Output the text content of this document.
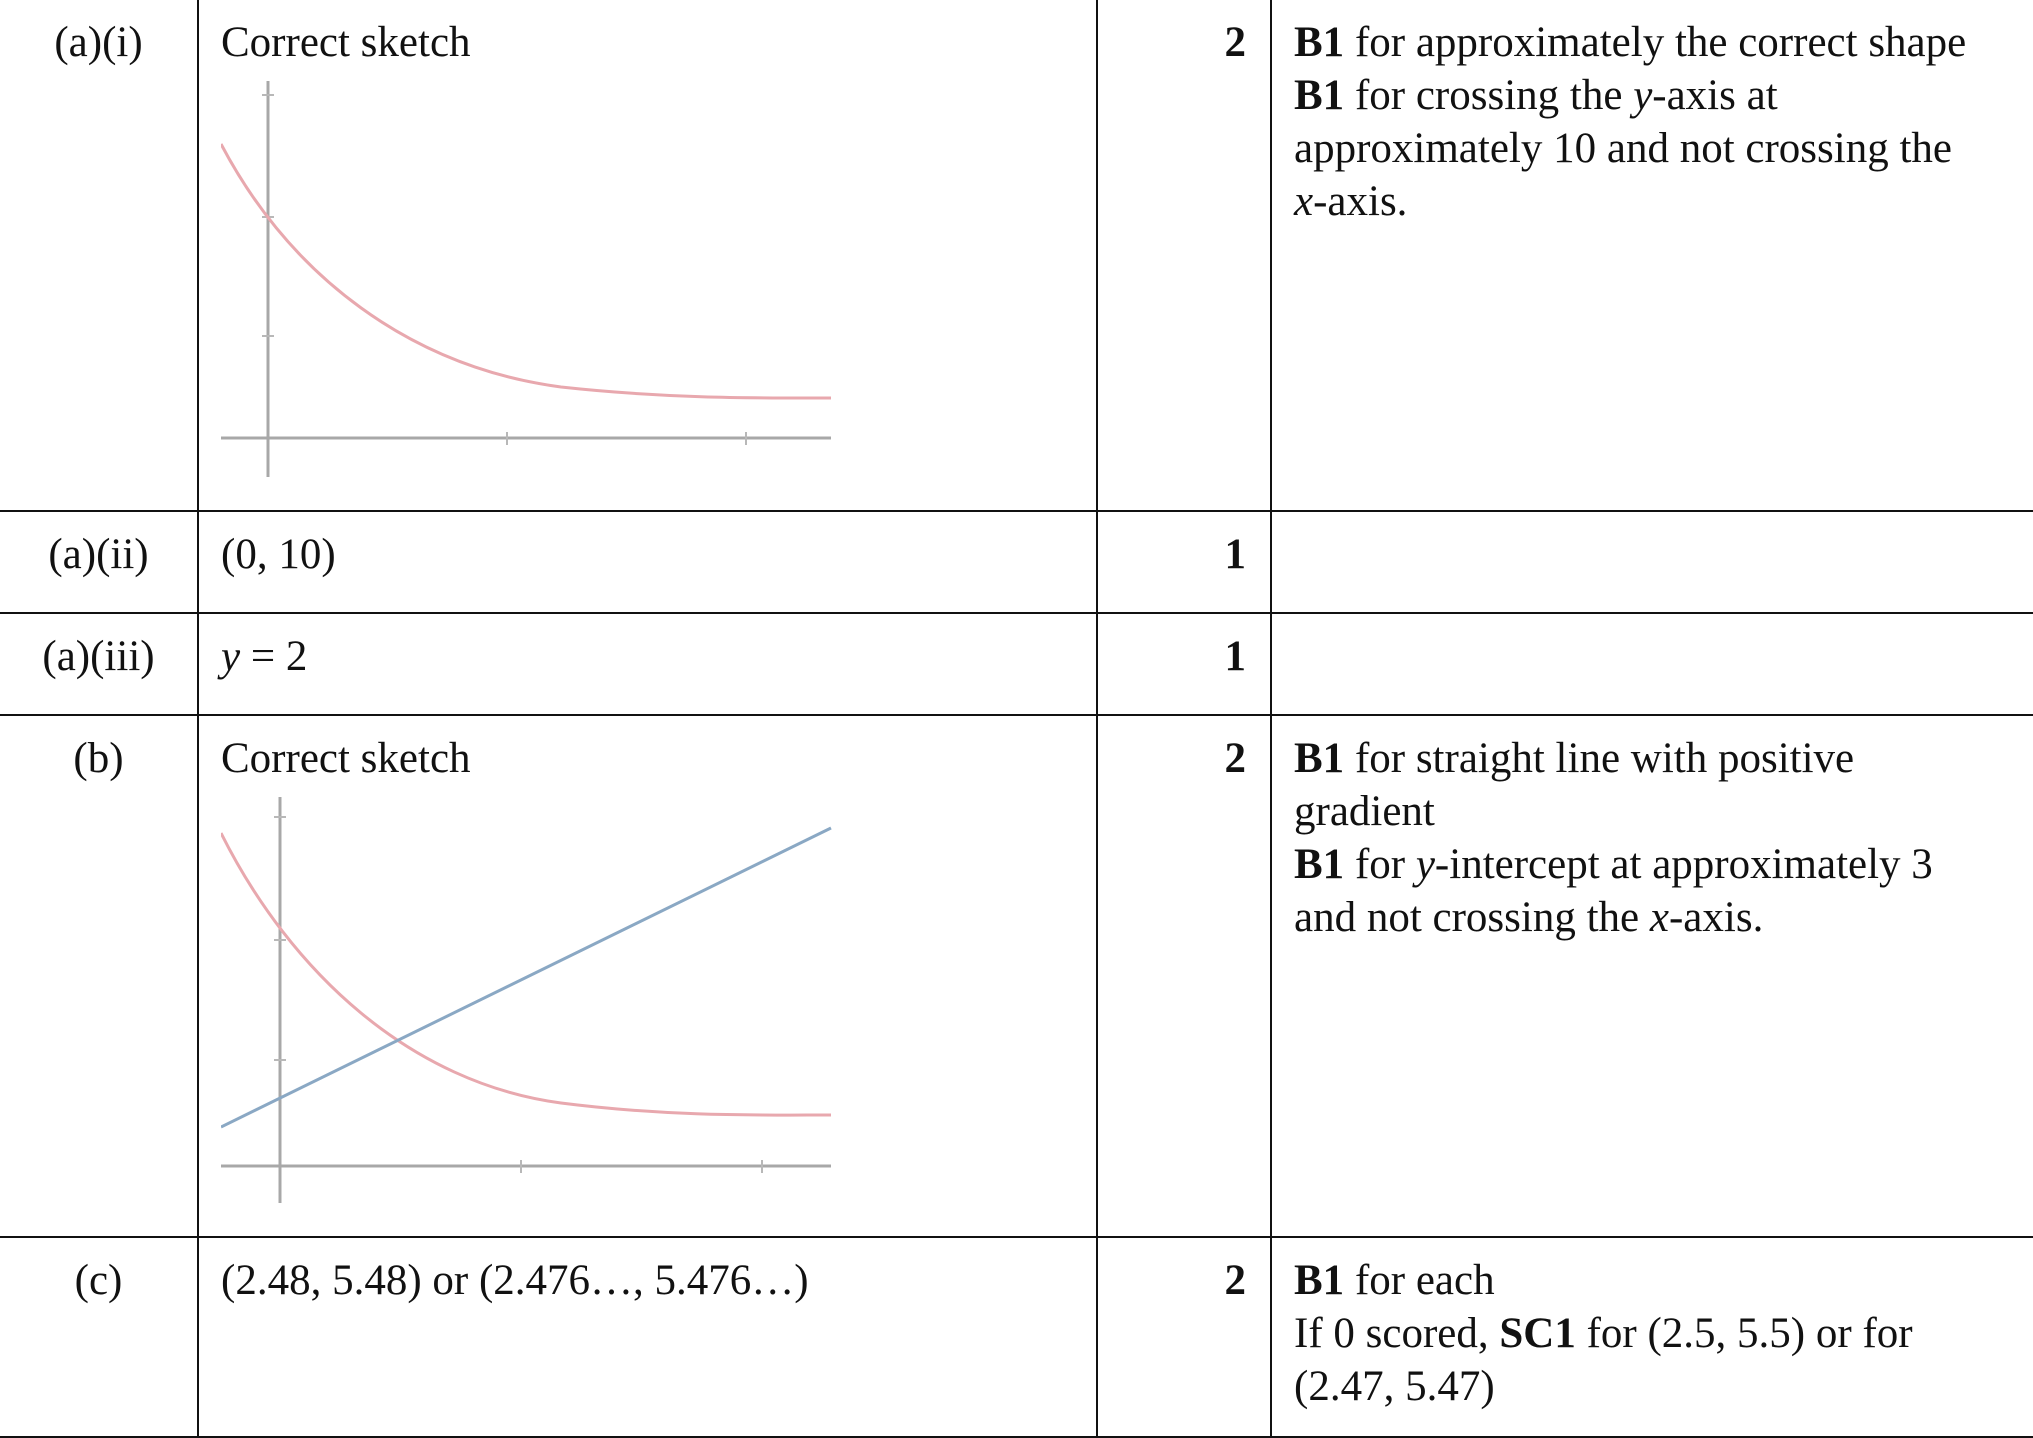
(a)(i)	Correct sketch	2	B1 for approximately the correct shape
B1 for crossing the y-axis at
approximately 10 and not crossing the
x-axis.

(a)(ii)	(0, 10)	1	
(a)(iii)	y = 2	1	
(b)	Correct sketch	2	B1 for straight line with positive
gradient
B1 for y-intercept at approximately 3
and not crossing the x-axis.

(c)	(2.48, 5.48) or (2.476…, 5.476…)	2	B1 for each
If 0 scored, SC1 for (2.5, 5.5) or for
(2.47, 5.47)
